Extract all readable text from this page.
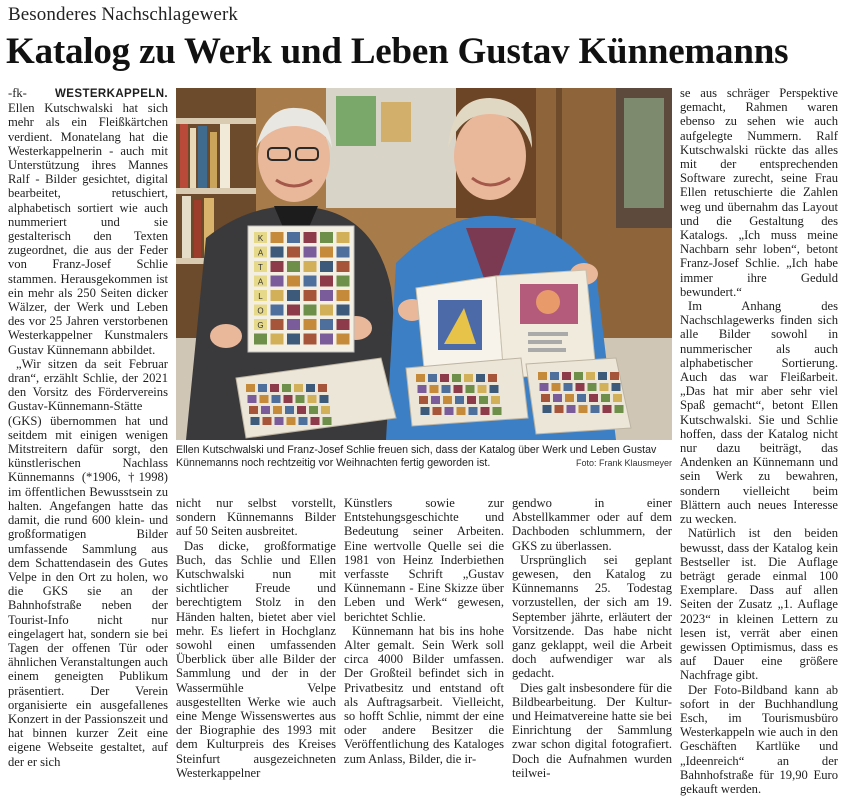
Besonderes Nachschlagewerk
Katalog zu Werk und Leben Gustav Künnemanns

-fk- WESTERKAPPELN. Ellen Kutschwalski hat sich mehr als ein Fleißkärtchen verdient. Monatelang hat die Westerkappelnerin - auch mit Unterstützung ihres Mannes Ralf - Bilder gesichtet, digital bearbeitet, retuschiert, alphabetisch sortiert wie auch nummeriert und sie gestalterisch den Texten zugeordnet, die aus der Feder von Franz-Josef Schlie stammen. Herausgekommen ist ein mehr als 250 Seiten dicker Wälzer, der Werk und Leben des vor 25 Jahren verstorbenen Westerkappelner Kunstmalers Gustav Künnemann abbildet.

„Wir sitzen da seit Februar dran“, erzählt Schlie, der 2021 den Vorsitz des Fördervereins Gustav-Künnemann-Stätte (GKS) übernommen hat und seitdem mit einigen wenigen Mitstreitern dafür sorgt, den künstlerischen Nachlass Künnemanns (*1906, †1998) im öffentlichen Bewusstsein zu halten. Angefangen hatte das damit, die rund 600 klein- und großformatigen Bilder umfassende Sammlung aus dem Schattendasein des Gutes Velpe in den Ort zu holen, wo die GKS sie an der Bahnhofstraße neben der Tourist-Info nicht nur eingelagert hat, sondern sie bei Tagen der offenen Tür oder ähnlichen Veranstaltungen auch einem geneigten Publikum präsentiert. Der Verein organisierte ein ausgefallenes Konzert in der Passionszeit und hat binnen kurzer Zeit eine eigene Webseite gestaltet, auf der er sich

K
A
T
A
L
O
G
Ellen Kutschwalski und Franz-Josef Schlie freuen sich, dass der Katalog über Werk und Leben Gustav Künnemanns noch rechtzeitig vor Weihnachten fertig geworden ist.	Foto: Frank Klausmeyer

nicht nur selbst vorstellt, sondern Künnemanns Bilder auf 50 Seiten ausbreitet.

Das dicke, großformatige Buch, das Schlie und Ellen Kutschwalski nun mit sichtlicher Freude und berechtigtem Stolz in den Händen halten, bietet aber viel mehr. Es liefert in Hochglanz sowohl einen umfassenden Überblick über alle Bilder der Sammlung und der in der Wassermühle Velpe ausgestellten Werke wie auch eine Menge Wissenswertes aus der Biographie des 1993 mit dem Kulturpreis des Kreises Steinfurt ausgezeichneten Westerkappelner

Künstlers sowie zur Entstehungsgeschichte und Bedeutung seiner Arbeiten. Eine wertvolle Quelle sei die 1981 von Heinz Inderbiethen verfasste Schrift „Gustav Künnemann - Eine Skizze über Leben und Werk“ gewesen, berichtet Schlie.

Künnemann hat bis ins hohe Alter gemalt. Sein Werk soll circa 4000 Bilder umfassen. Der Großteil befindet sich in Privatbesitz und entstand oft als Auftragsarbeit. Vielleicht, so hofft Schlie, nimmt der eine oder andere Besitzer die Veröffentlichung des Kataloges zum Anlass, Bilder, die ir-

gendwo in einer Abstellkammer oder auf dem Dachboden schlummern, der GKS zu überlassen.

Ursprünglich sei geplant gewesen, den Katalog zu Künnemanns 25. Todestag vorzustellen, der sich am 19. September jährte, erläutert der Vorsitzende. Das habe nicht ganz geklappt, weil die Arbeit doch aufwendiger war als gedacht.

Dies galt insbesondere für die Bildbearbeitung. Der Kultur- und Heimatvereine hatte sie bei Einrichtung der Sammlung zwar schon digital fotografiert. Doch die Aufnahmen wurden teilwei-

se aus schräger Perspektive gemacht, Rahmen waren ebenso zu sehen wie auch aufgelegte Nummern. Ralf Kutschwalski rückte das alles mit der entsprechenden Software zurecht, seine Frau Ellen retuschierte die Zahlen weg und übernahm das Layout und die Gestaltung des Katalogs. „Ich muss meine Nachbarn sehr loben“, betont Franz-Josef Schlie. „Ich habe immer ihre Geduld bewundert.“

Im Anhang des Nachschlagewerks finden sich alle Bilder sowohl in nummerischer als auch alphabetischer Sortierung. Auch das war Fleißarbeit. „Das hat mir aber sehr viel Spaß gemacht“, betont Ellen Kutschwalski. Sie und Schlie hoffen, dass der Katalog nicht nur dazu beiträgt, das Andenken an Künnemann und sein Werk zu bewahren, sondern vielleicht beim Blättern auch neues Interesse zu wecken.

Natürlich ist den beiden bewusst, dass der Katalog kein Bestseller ist. Die Auflage beträgt gerade einmal 100 Exemplare. Dass auf allen Seiten der Zusatz „1. Auflage 2023“ in kleinen Lettern zu lesen ist, verrät aber einen gewissen Optimismus, dass es auf Dauer eine größere Nachfrage gibt.

Der Foto-Bildband kann ab sofort in der Buchhandlung Esch, im Tourismusbüro Westerkappeln wie auch in den Geschäften Kartlüke und „Ideenreich“ an der Bahnhofstraße für 19,90 Euro gekauft werden.
